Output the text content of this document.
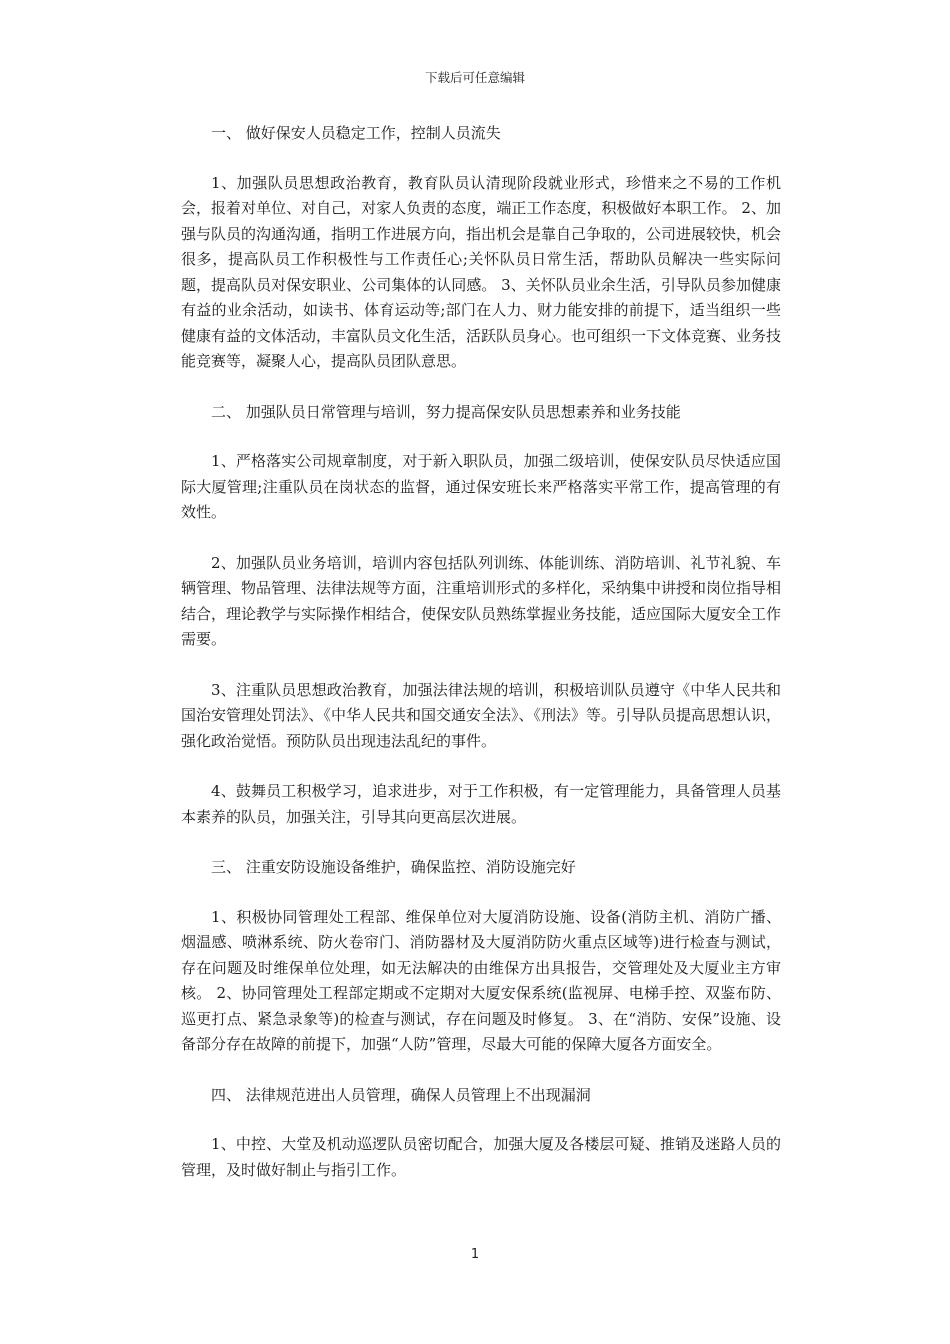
下载后可任意编辑
一、 做好保安人员稳定工作，控制人员流失

1、加强队员思想政治教育，教育队员认清现阶段就业形式，珍惜来之不易的工作机会，报着对单位、对自己，对家人负责的态度，端正工作态度，积极做好本职工作。 2、加强与队员的沟通沟通，指明工作进展方向，指出机会是靠自己争取的，公司进展较快，机会很多，提高队员工作积极性与工作责任心;关怀队员日常生活，帮助队员解决一些实际问题，提高队员对保安职业、公司集体的认同感。 3、关怀队员业余生活，引导队员参加健康有益的业余活动，如读书、体育运动等;部门在人力、财力能安排的前提下，适当组织一些健康有益的文体活动，丰富队员文化生活，活跃队员身心。也可组织一下文体竞赛、业务技能竞赛等，凝聚人心，提高队员团队意思。

二、 加强队员日常管理与培训，努力提高保安队员思想素养和业务技能

1、严格落实公司规章制度，对于新入职队员，加强二级培训，使保安队员尽快适应国际大厦管理;注重队员在岗状态的监督，通过保安班长来严格落实平常工作，提高管理的有效性。

2、加强队员业务培训，培训内容包括队列训练、体能训练、消防培训、礼节礼貌、车辆管理、物品管理、法律法规等方面，注重培训形式的多样化，采纳集中讲授和岗位指导相结合，理论教学与实际操作相结合，使保安队员熟练掌握业务技能，适应国际大厦安全工作需要。

3、注重队员思想政治教育，加强法律法规的培训，积极培训队员遵守《中华人民共和国治安管理处罚法》、《中华人民共和国交通安全法》、《刑法》等。引导队员提高思想认识，强化政治觉悟。预防队员出现违法乱纪的事件。

4、鼓舞员工积极学习，追求进步，对于工作积极，有一定管理能力，具备管理人员基本素养的队员，加强关注，引导其向更高层次进展。

三、 注重安防设施设备维护，确保监控、消防设施完好

1、积极协同管理处工程部、维保单位对大厦消防设施、设备(消防主机、消防广播、烟温感、喷淋系统、防火卷帘门、消防器材及大厦消防防火重点区域等)进行检查与测试，存在问题及时维保单位处理，如无法解决的由维保方出具报告，交管理处及大厦业主方审核。 2、协同管理处工程部定期或不定期对大厦安保系统(监视屏、电梯手控、双鉴布防、巡更打点、紧急录象等)的检查与测试，存在问题及时修复。 3、在“消防、安保”设施、设备部分存在故障的前提下，加强“人防”管理，尽最大可能的保障大厦各方面安全。

四、 法律规范进出人员管理，确保人员管理上不出现漏洞

1、中控、大堂及机动巡逻队员密切配合，加强大厦及各楼层可疑、推销及迷路人员的管理，及时做好制止与指引工作。

1
